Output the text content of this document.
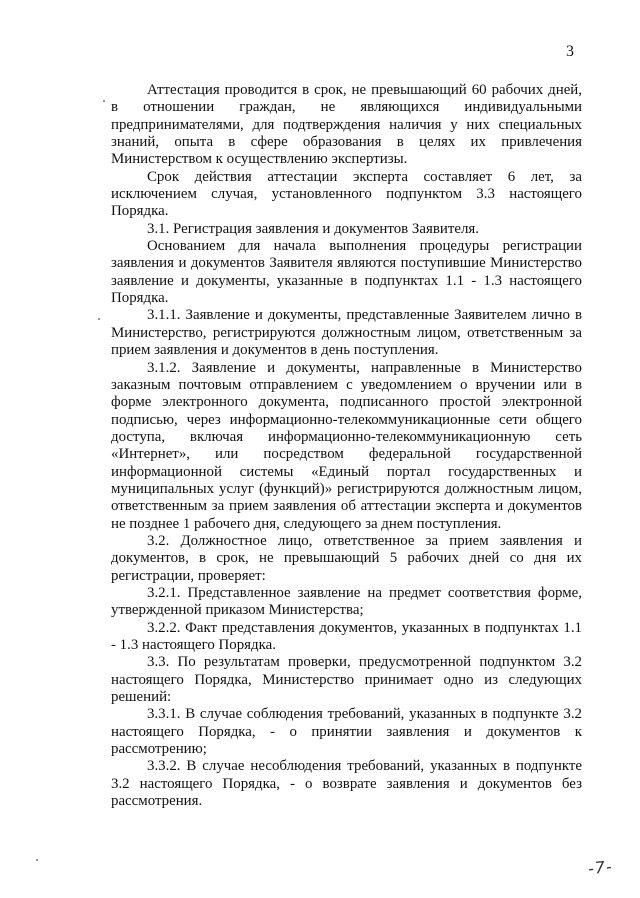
3

Аттестация проводится в срок, не превышающий 60 рабочих дней, в отношении граждан, не являющихся индивидуальными предпринимателями, для подтверждения наличия у них специальных знаний, опыта в сфере образования в целях их привлечения Министерством к осуществлению экспертизы.

Срок действия аттестации эксперта составляет 6 лет, за исключением случая, установленного подпунктом 3.3 настоящего Порядка.

3.1. Регистрация заявления и документов Заявителя.

Основанием для начала выполнения процедуры регистрации заявления и документов Заявителя являются поступившие Министерство заявление и документы, указанные в подпунктах 1.1 - 1.3 настоящего Порядка.

3.1.1. Заявление и документы, представленные Заявителем лично в Министерство, регистрируются должностным лицом, ответственным за прием заявления и документов в день поступления.

3.1.2. Заявление и документы, направленные в Министерство заказным почтовым отправлением с уведомлением о вручении или в форме электронного документа, подписанного простой электронной подписью, через информационно-телекоммуникационные сети общего доступа, включая информационно-телекоммуникационную сеть «Интернет», или посредством федеральной государственной информационной системы «Единый портал государственных и муниципальных услуг (функций)» регистрируются должностным лицом, ответственным за прием заявления об аттестации эксперта и документов не позднее 1 рабочего дня, следующего за днем поступления.

3.2. Должностное лицо, ответственное за прием заявления и документов, в срок, не превышающий 5 рабочих дней со дня их регистрации, проверяет:

3.2.1. Представленное заявление на предмет соответствия форме, утвержденной приказом Министерства;

3.2.2. Факт представления документов, указанных в подпунктах 1.1 - 1.3 настоящего Порядка.

3.3. По результатам проверки, предусмотренной подпунктом 3.2 настоящего Порядка, Министерство принимает одно из следующих решений:

3.3.1. В случае соблюдения требований, указанных в подпункте 3.2 настоящего Порядка, - о принятии заявления и документов к рассмотрению;

3.3.2. В случае несоблюдения требований, указанных в подпункте 3.2 настоящего Порядка, - о возврате заявления и документов без рассмотрения.

-7-
